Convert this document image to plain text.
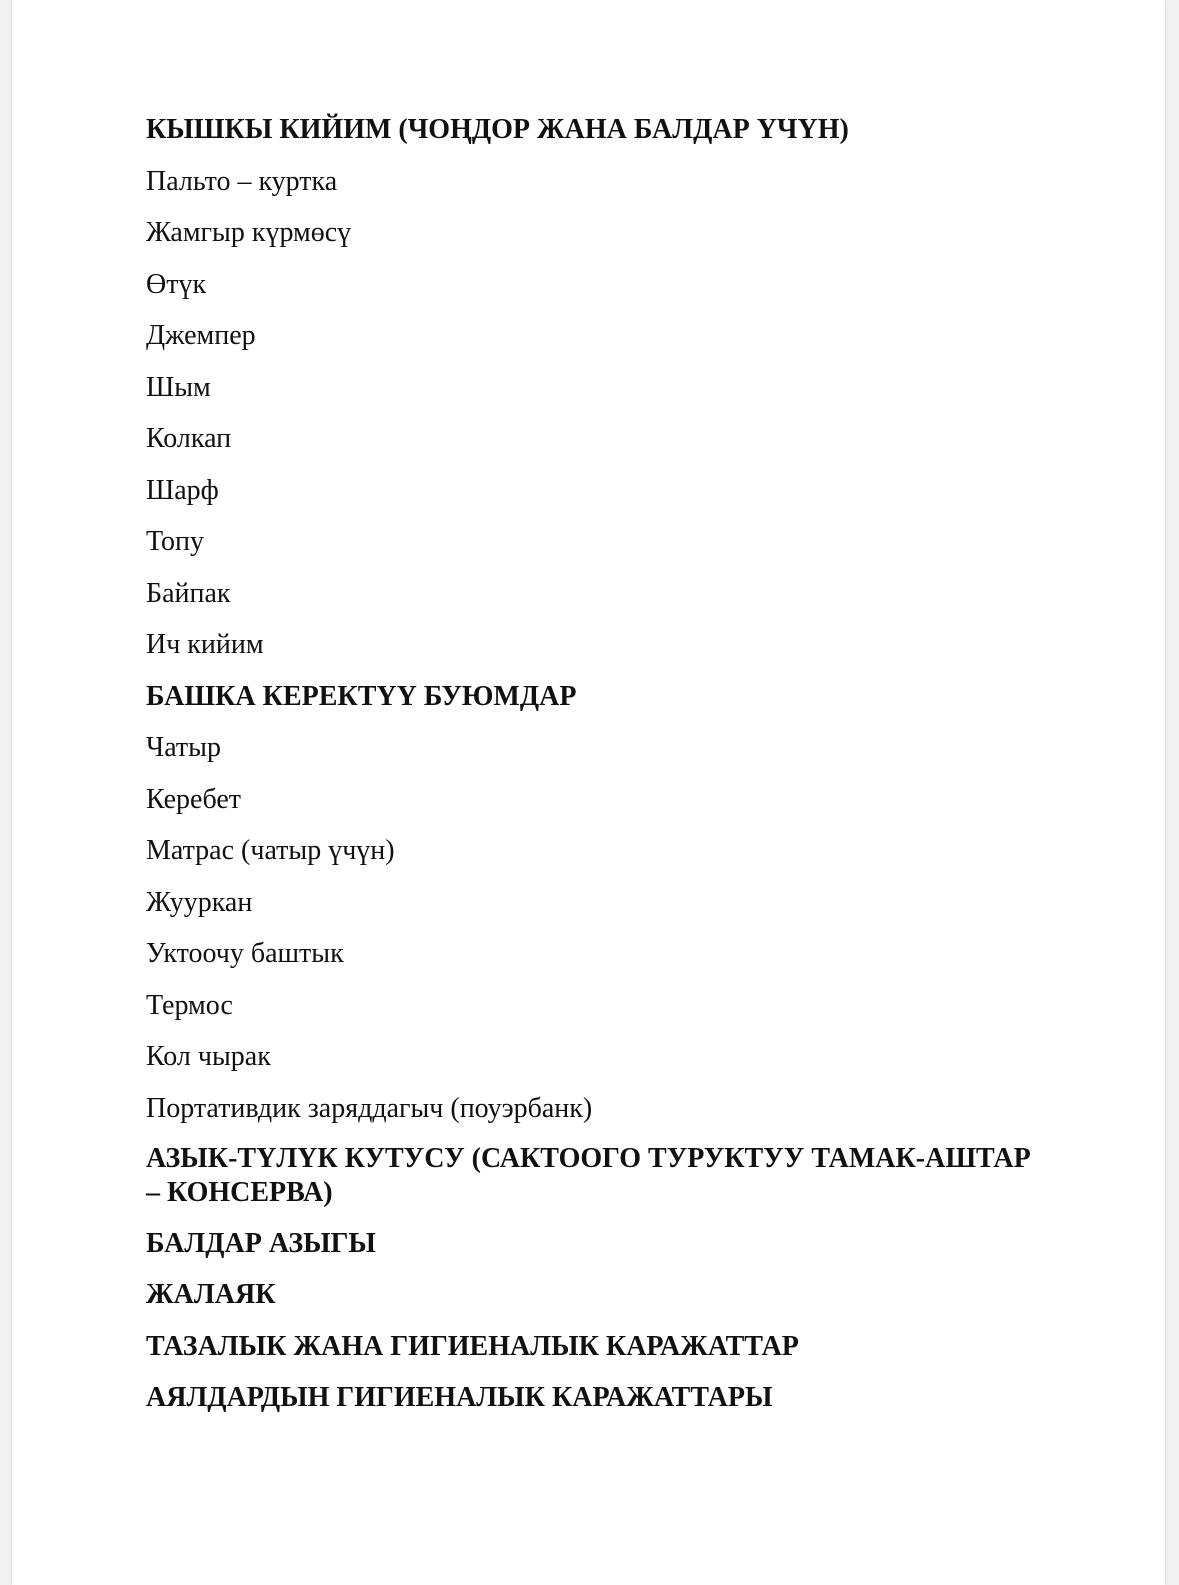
КЫШКЫ КИЙИМ (ЧОҢДОР ЖАНА БАЛДАР ҮЧҮН)
Пальто – куртка
Жамгыр күрмөсү
Өтүк
Джемпер
Шым
Колкап
Шарф
Топу
Байпак
Ич кийим
БАШКА КЕРЕКТҮҮ БУЮМДАР
Чатыр
Керебет
Матрас (чатыр үчүн)
Жууркан
Уктоочу баштык
Термос
Кол чырак
Портативдик заряддагыч (поуэрбанк)
АЗЫК-ТҮЛҮК КУТУСУ (САКТООГО ТУРУКТУУ ТАМАК-АШТАР – КОНСЕРВА)
БАЛДАР АЗЫГЫ
ЖАЛАЯК
ТАЗАЛЫК ЖАНА ГИГИЕНАЛЫК КАРАЖАТТАР
АЯЛДАРДЫН ГИГИЕНАЛЫК КАРАЖАТТАРЫ
